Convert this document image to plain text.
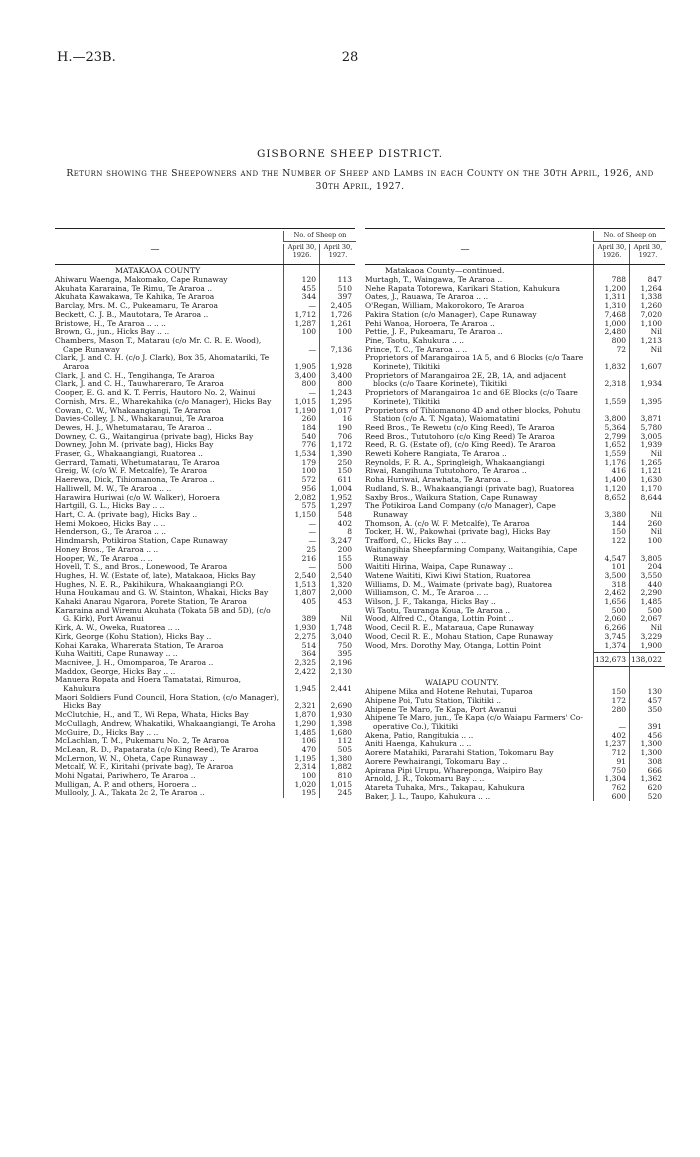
H.—23B.	28
GISBORNE SHEEP DISTRICT.
Return showing the Sheepowners and the Number of Sheep and Lambs in each County on the 30th April, 1926, and 30th April, 1927.
—
No. of Sheep on
April 30, 1926.
April 30, 1927.
MATAKAOA COUNTY
Ahiwaru Waenga, Makomako, Cape Runaway	120	113
Akuhata Kararaina, Te Rimu, Te Araroa ..	455	510
Akuhata Kawakawa, Te Kahika, Te Araroa	344	397
Barclay, Mrs. M. C., Pukeamaru, Te Araroa	—	2,405
Beckett, C. J. B., Mautotara, Te Araroa ..	1,712	1,726
Bristowe, H., Te Araroa .. .. ..	1,287	1,261
Brown, G., jun., Hicks Bay .. ..	100	100
Chambers, Mason T., Matarau (c/o Mr. C. R. E. Wood), Cape Runaway	—	7,136
Clark, J. and C. H. (c/o J. Clark), Box 35, Ahomatariki, Te Araroa	1,905	1,928
Clark, J. and C. H., Tengihanga, Te Araroa	3,400	3,400
Clark, J. and C. H., Tauwhareraro, Te Araroa	800	800
Cooper, E. G. and K. T. Ferris, Hautoro No. 2, Wainui	—	1,243
Cornish, Mrs. E., Wharekahika (c/o Manager), Hicks Bay	1,015	1,295
Cowan, C. W., Whakaangiangi, Te Araroa	1,190	1,017
Davies-Colley, J. N., Whakaraunui, Te Araroa	260	16
Dewes, H. J., Whetumatarau, Te Araroa ..	184	190
Downey, C. G., Waitangirua (private bag), Hicks Bay	540	706
Downey, John M. (private bag), Hicks Bay	776	1,172
Fraser, G., Whakaangiangi, Ruatorea ..	1,534	1,390
Gerrard, Tamati, Whetumatarau, Te Araroa	179	250
Greig, W. (c/o W. F. Metcalfe), Te Araroa	100	150
Haerewa, Dick, Tihiomanona, Te Araroa ..	572	611
Halliwell, M. W., Te Araroa .. ..	956	1,004
Harawira Huriwai (c/o W. Walker), Horoera	2,082	1,952
Hartgill, G. L., Hicks Bay .. ..	575	1,297
Hart, C. A. (private bag), Hicks Bay ..	1,150	548
Hemi Mokoeo, Hicks Bay .. ..	—	402
Henderson, G., Te Araroa .. ..	—	8
Hindmarsh, Potikiroa Station, Cape Runaway	—	3,247
Honey Bros., Te Araroa .. ..	25	200
Hooper, W., Te Araroa .. ..	216	155
Hovell, T. S., and Bros., Lonewood, Te Araroa	—	500
Hughes, H. W. (Estate of, late), Matakaoa, Hicks Bay	2,540	2,540
Hughes, N. E. R., Pakihikura, Whakaangiangi P.O.	1,513	1,320
Huna Houkamau and G. W. Stainton, Whakai, Hicks Bay	1,807	2,000
Kahaki Anarau Ngarora, Porete Station, Te Araroa	405	453
Kararaina and Wiremu Akuhata (Tokata 5B and 5D), (c/o G. Kirk), Port Awanui	389	Nil
Kirk, A. W., Oweka, Ruatorea .. ..	1,930	1,748
Kirk, George (Kohu Station), Hicks Bay ..	2,275	3,040
Kohai Karaka, Wharerata Station, Te Araroa	514	750
Kuha Waititi, Cape Runaway .. ..	364	395
Macnivee, J. H., Omomparoa, Te Araroa ..	2,325	2,196
Maddox, George, Hicks Bay .. ..	2,422	2,130
Manuera Ropata and Hoera Tamatatai, Rimuroa, Kahukura	1,945	2,441
Maori Soldiers Fund Council, Hora Station, (c/o Manager), Hicks Bay	2,321	2,690
McClutchie, H., and T., Wi Repa, Whata, Hicks Bay	1,870	1,930
McCullagh, Andrew, Whakatiki, Whakaangiangi, Te Aroha	1,290	1,398
McGuire, D., Hicks Bay .. ..	1,485	1,680
McLachlan, T. M., Pukemaru No. 2, Te Araroa	106	112
McLean, R. D., Papatarata (c/o King Reed), Te Araroa	470	505
McLernon, W. N., Oheta, Cape Runaway ..	1,195	1,380
Metcalf, W. F., Kiritahi (private bag), Te Araroa	2,314	1,882
Mohi Ngatai, Pariwhero, Te Araroa ..	100	810
Mulligan, A. P. and others, Horoera ..	1,020	1,015
Mullooly, J. A., Takata 2c 2, Te Araroa ..	195	245
—
No. of Sheep on
April 30, 1926.
April 30, 1927.
Matakaoa County—continued.
Murtagh, T., Waingawa, Te Araroa ..	788	847
Nehe Rapata Totorewa, Karikari Station, Kahukura	1,200	1,264
Oates, J., Rauawa, Te Araroa .. ..	1,311	1,338
O'Regan, William, Makorokoro, Te Araroa	1,310	1,260
Pakira Station (c/o Manager), Cape Runaway	7,468	7,020
Pehi Wanoa, Horoera, Te Araroa ..	1,000	1,100
Pettie, J. F., Pukeamaru, Te Araroa ..	2,480	Nil
Pine, Taotu, Kahukura .. ..	800	1,213
Prince, T. C., Te Araroa .. ..	72	Nil
Proprietors of Marangairoa 1A 5, and 6 Blocks (c/o Taare Korinete), Tikitiki	1,832	1,607
Proprietors of Marangairoa 2E, 2B, 1A, and adjacent blocks (c/o Taare Korinete), Tikitiki	2,318	1,934
Proprietors of Marangairoa 1c and 6E Blocks (c/o Taare Korinete), Tikitiki	1,559	1,395
Proprietors of Tihiomanono 4D and other blocks, Pohutu Station (c/o A. T. Ngata), Waiomatatini	3,800	3,871
Reed Bros., Te Rewetu (c/o King Reed), Te Araroa	5,364	5,780
Reed Bros., Tututohoro (c/o King Reed) Te Araroa	2,799	3,005
Reed, R. G. (Estate of), (c/o King Reed). Te Araroa	1,652	1,939
Reweti Kohere Rangiata, Te Araroa ..	1,559	Nil
Reynolds, F. R. A., Springleigh, Whakaangiangi	1,176	1,265
Riwai, Rangihuna Tututohoro, Te Araroa ..	416	1,121
Roha Huriwai, Arawhata, Te Araroa ..	1,400	1,630
Rudland, S. B., Whakaangiangi (private bag), Ruatorea	1,120	1,170
Saxby Bros., Waikura Station, Cape Runaway	8,652	8,644
The Potikiroa Land Company (c/o Manager), Cape Runaway	3,380	Nil
Thomson, A. (c/o W. F. Metcalfe), Te Araroa	144	260
Tocker, H. W., Pakowhai (private bag), Hicks Bay	150	Nil
Trafford, C., Hicks Bay .. ..	122	100
Waitangihia Sheepfarming Company, Waitangihia, Cape Runaway	4,547	3,805
Waititi Hirina, Waipa, Cape Runaway ..	101	204
Watene Waititi, Kiwi Kiwi Station, Ruatorea	3,500	3,550
Williams, D. M., Waimate (private bag), Ruatorea	318	440
Williamson, C. M., Te Araroa .. ..	2,462	2,290
Wilson, J. F., Takanga, Hicks Bay ..	1,656	1,485
Wi Taotu, Tauranga Koua, Te Araroa ..	500	500
Wood, Alfred C., Otanga, Lottin Point ..	2,060	2,067
Wood, Cecil R. E., Mataraua, Cape Runaway	6,266	Nil
Wood, Cecil R. E., Mohau Station, Cape Runaway	3,745	3,229
Wood, Mrs. Dorothy May, Otanga, Lottin Point	1,374	1,900
132,673 138,022
WAIAPU COUNTY.
Ahipene Mika and Hotene Rehutai, Tuparoa	150	130
Ahipene Poi, Tutu Station, Tikitiki ..	172	457
Ahipene Te Maro, Te Kapa, Port Awanui	280	350
Ahipene Te Maro, jun., Te Kapa (c/o Waiapu Farmers' Co-operative Co.), Tikitiki	—	391
Akena, Patio, Rangitukia .. ..	402	456
Aniti Haenga, Kahukura .. ..	1,237	1,300
Aorere Matahiki, Pararahi Station, Tokomaru Bay	712	1,300
Aorere Pewhairangi, Tokomaru Bay ..	91	308
Apirana Pipi Urupu, Whareponga, Waipiro Bay	750	666
Arnold, J. R., Tokomaru Bay .. ..	1,304	1,362
Atareta Tuhaka, Mrs., Takapau, Kahukura	762	620
Baker, J. L., Taupo, Kahukura .. ..	600	520
